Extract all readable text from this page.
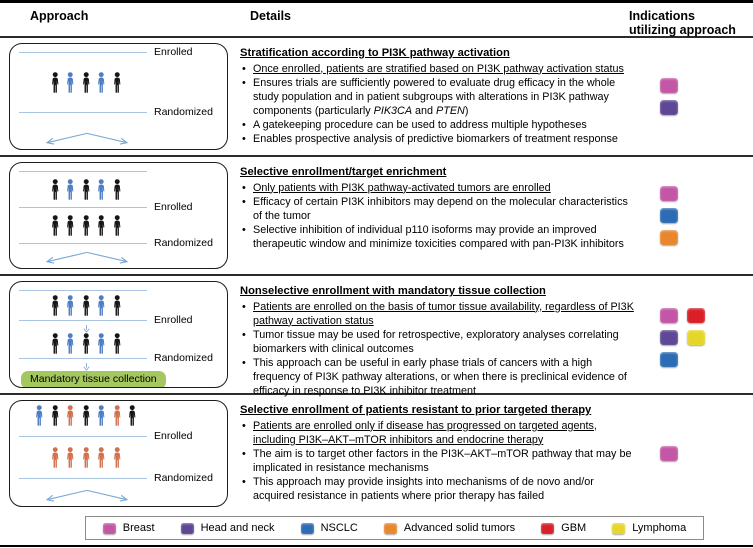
Approach	Details	Indications
utilizing approach
Enrolled
Randomized
Stratification according to PI3K pathway activation
• Once enrolled, patients are stratified based on PI3K pathway activation status
• Ensures trials are sufficiently powered to evaluate drug efficacy in the whole study population and in patient subgroups with alterations in PI3K pathway components (particularly PIK3CA and PTEN)
• A gatekeeping procedure can be used to address multiple hypotheses
• Enables prospective analysis of predictive biomarkers of treatment response
Enrolled
Randomized
Selective enrollment/target enrichment
• Only patients with PI3K pathway-activated tumors are enrolled
• Efficacy of certain PI3K inhibitors may depend on the molecular characteristics of the tumor
• Selective inhibition of individual p110 isoforms may provide an improved therapeutic window and minimize toxicities compared with pan-PI3K inhibitors
Enrolled
Randomized
Mandatory tissue collection
Nonselective enrollment with mandatory tissue collection
• Patients are enrolled on the basis of tumor tissue availability, regardless of PI3K pathway activation status
• Tumor tissue may be used for retrospective, exploratory analyses correlating biomarkers with clinical outcomes
• This approach can be useful in early phase trials of cancers with a high frequency of PI3K pathway alterations, or when there is preclinical evidence of efficacy in response to PI3K inhibitor treatment
Enrolled
Randomized
Selective enrollment of patients resistant to prior targeted therapy
• Patients are enrolled only if disease has progressed on targeted agents, including PI3K–AKT–mTOR inhibitors and endocrine therapy
• The aim is to target other factors in the PI3K–AKT–mTOR pathway that may be implicated in resistance mechanisms
• This approach may provide insights into mechanisms of de novo and/or acquired resistance in patients where prior therapy has failed
Breast	Head and neck	NSCLC	Advanced solid tumors	GBM	Lymphoma
